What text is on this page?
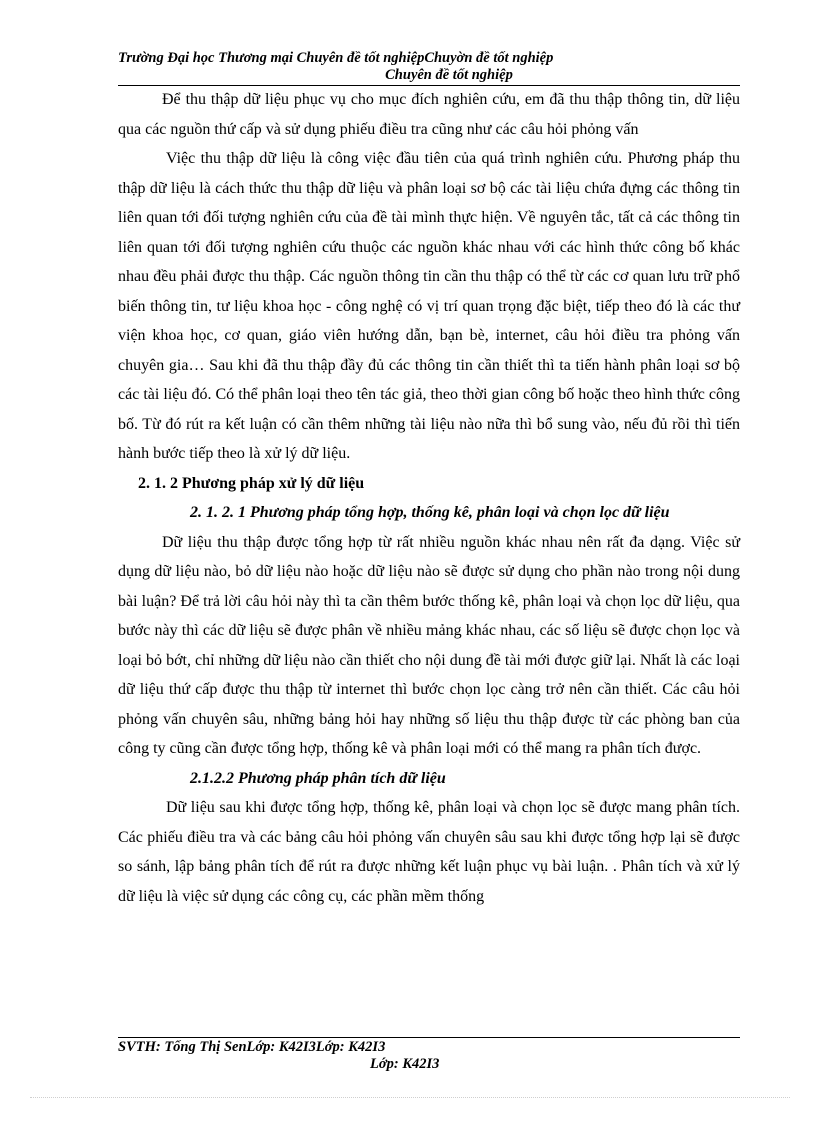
Trường Đại học Thương mại Chuyên đề tốt nghiệpChuyờn đề tốt nghiệp
Chuyên đề tốt nghiệp

Để thu thập dữ liệu phục vụ cho mục đích nghiên cứu, em đã thu thập thông tin, dữ liệu qua các nguồn thứ cấp và sử dụng phiếu điều tra cũng như các câu hỏi phỏng vấn

Việc thu thập dữ liệu là công việc đầu tiên của quá trình nghiên cứu. Phương pháp thu thập dữ liệu là cách thức thu thập dữ liệu và phân loại sơ bộ các tài liệu chứa đựng các thông tin liên quan tới đối tượng nghiên cứu của đề tài mình thực hiện. Về nguyên tắc, tất cả các thông tin liên quan tới đối tượng nghiên cứu thuộc các nguồn khác nhau với các hình thức công bố khác nhau đều phải được thu thập. Các nguồn thông tin cần thu thập có thể từ các cơ quan lưu trữ phổ biến thông tin, tư liệu khoa học - công nghệ có vị trí quan trọng đặc biệt, tiếp theo đó là các thư viện khoa học, cơ quan, giáo viên hướng dẫn, bạn bè, internet, câu hỏi điều tra phỏng vấn chuyên gia… Sau khi đã thu thập đầy đủ các thông tin cần thiết thì ta tiến hành phân loại sơ bộ các tài liệu đó. Có thể phân loại theo tên tác giả, theo thời gian công bố hoặc theo hình thức công bố. Từ đó rút ra kết luận có cần thêm những tài liệu nào nữa thì bổ sung vào, nếu đủ rồi thì tiến hành bước tiếp theo là xử lý dữ liệu.

2. 1. 2 Phương pháp xử lý dữ liệu

2. 1. 2. 1 Phương pháp tổng hợp, thống kê, phân loại và chọn lọc dữ liệu

Dữ liệu thu thập được tổng hợp từ rất nhiều nguồn khác nhau nên rất đa dạng. Việc sử dụng dữ liệu nào, bỏ dữ liệu nào hoặc dữ liệu nào sẽ được sử dụng cho phần nào trong nội dung bài luận? Để trả lời câu hỏi này thì ta cần thêm bước thống kê, phân loại và chọn lọc dữ liệu, qua bước này thì các dữ liệu sẽ được phân về nhiều mảng khác nhau, các số liệu sẽ được chọn lọc và loại bỏ bớt, chỉ những dữ liệu nào cần thiết cho nội dung đề tài mới được giữ lại. Nhất là các loại dữ liệu thứ cấp được thu thập từ internet thì bước chọn lọc càng trở nên cần thiết. Các câu hỏi phỏng vấn chuyên sâu, những bảng hỏi hay những số liệu thu thập được từ các phòng ban của công ty cũng cần được tổng hợp, thống kê và phân loại mới có thể mang ra phân tích được.

2.1.2.2 Phương pháp phân tích dữ liệu

Dữ liệu sau khi được tổng hợp, thống kê, phân loại và chọn lọc sẽ được mang phân tích. Các phiếu điều tra và các bảng câu hỏi phỏng vấn chuyên sâu sau khi được tổng hợp lại sẽ được so sánh, lập bảng phân tích để rút ra được những kết luận phục vụ bài luận. . Phân tích và xử lý dữ liệu là việc sử dụng các công cụ, các phần mềm thống

SVTH: Tống Thị SenLớp: K42I3Lớp: K42I3
Lớp: K42I3
